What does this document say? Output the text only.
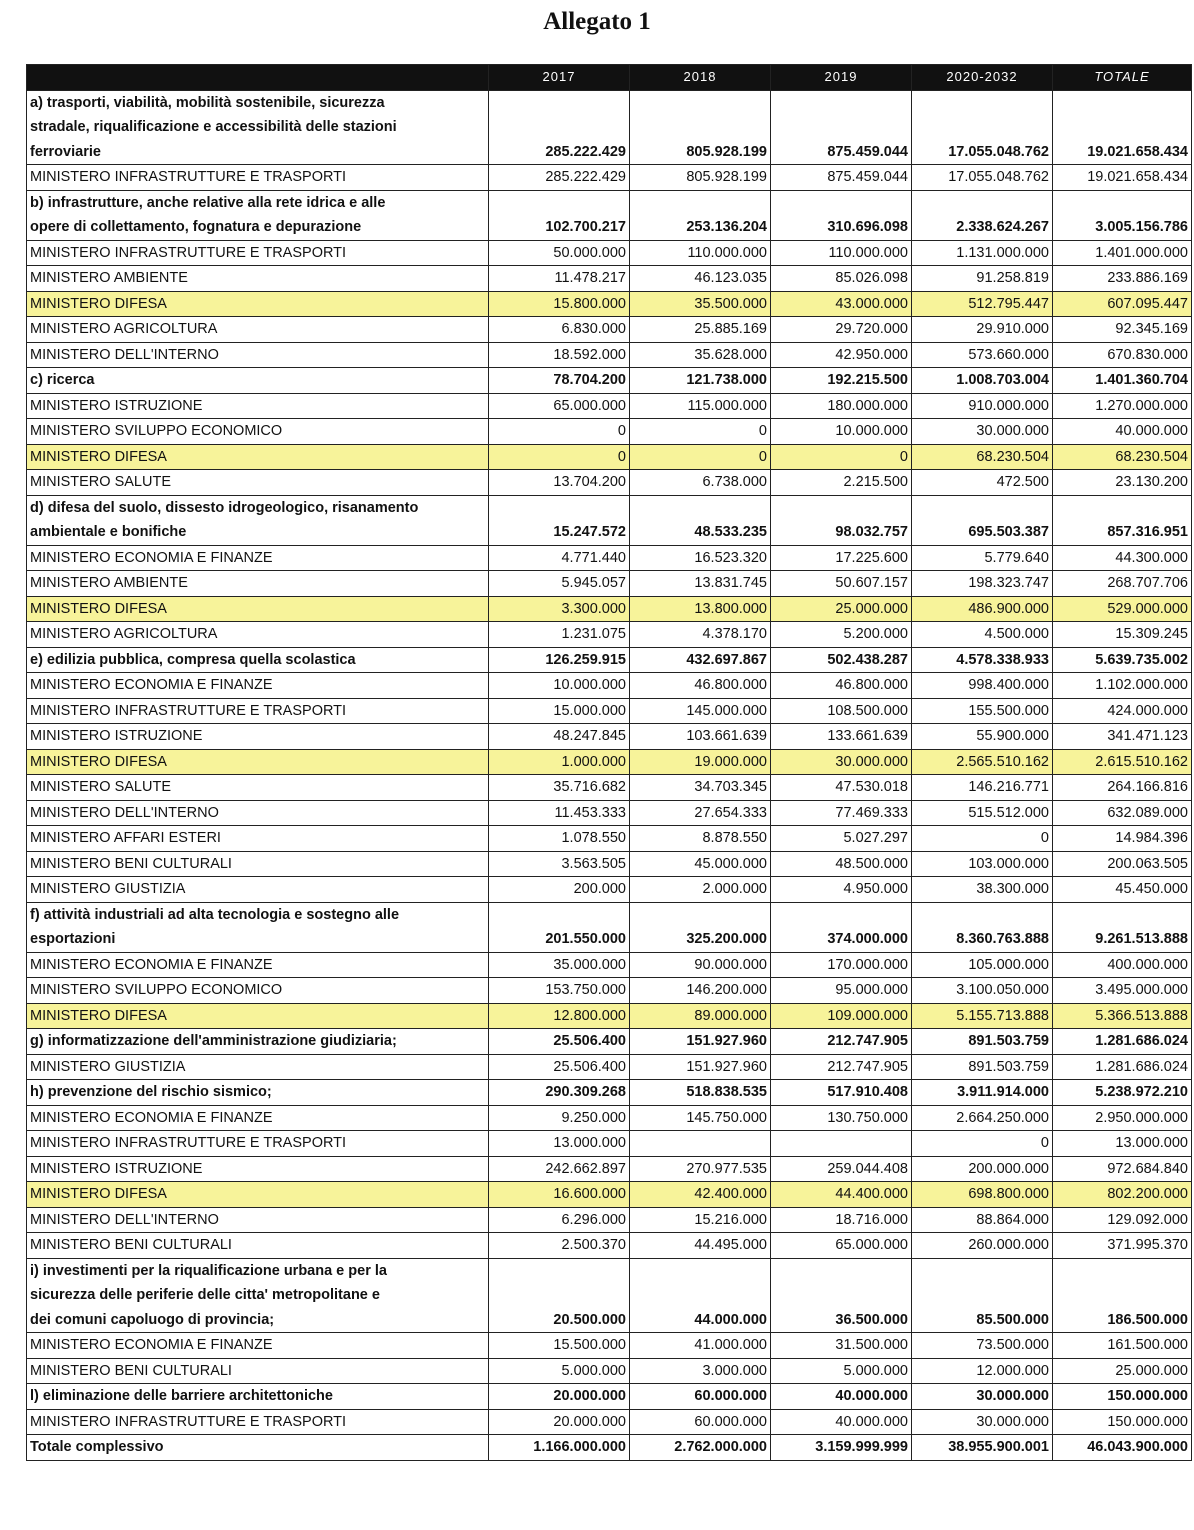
Allegato 1
	2017	2018	2019	2020-2032	TOTALE

a) trasporti, viabilità, mobilità sostenibile, sicurezza
stradale, riqualificazione e accessibilità delle stazioni
ferroviarie	285.222.429	805.928.199	875.459.044	17.055.048.762	19.021.658.434

MINISTERO INFRASTRUTTURE E TRASPORTI	285.222.429	805.928.199	875.459.044	17.055.048.762	19.021.658.434

b) infrastrutture, anche relative alla rete idrica e alle
opere di collettamento, fognatura e depurazione	102.700.217	253.136.204	310.696.098	2.338.624.267	3.005.156.786

MINISTERO INFRASTRUTTURE E TRASPORTI	50.000.000	110.000.000	110.000.000	1.131.000.000	1.401.000.000

MINISTERO AMBIENTE	11.478.217	46.123.035	85.026.098	91.258.819	233.886.169

MINISTERO DIFESA	15.800.000	35.500.000	43.000.000	512.795.447	607.095.447

MINISTERO AGRICOLTURA	6.830.000	25.885.169	29.720.000	29.910.000	92.345.169

MINISTERO DELL'INTERNO	18.592.000	35.628.000	42.950.000	573.660.000	670.830.000

c) ricerca	78.704.200	121.738.000	192.215.500	1.008.703.004	1.401.360.704

MINISTERO ISTRUZIONE	65.000.000	115.000.000	180.000.000	910.000.000	1.270.000.000

MINISTERO SVILUPPO ECONOMICO	0	0	10.000.000	30.000.000	40.000.000

MINISTERO DIFESA	0	0	0	68.230.504	68.230.504

MINISTERO SALUTE	13.704.200	6.738.000	2.215.500	472.500	23.130.200

d) difesa del suolo, dissesto idrogeologico, risanamento
ambientale e bonifiche	15.247.572	48.533.235	98.032.757	695.503.387	857.316.951

MINISTERO ECONOMIA E FINANZE	4.771.440	16.523.320	17.225.600	5.779.640	44.300.000

MINISTERO AMBIENTE	5.945.057	13.831.745	50.607.157	198.323.747	268.707.706

MINISTERO DIFESA	3.300.000	13.800.000	25.000.000	486.900.000	529.000.000

MINISTERO AGRICOLTURA	1.231.075	4.378.170	5.200.000	4.500.000	15.309.245

e) edilizia pubblica, compresa quella scolastica	126.259.915	432.697.867	502.438.287	4.578.338.933	5.639.735.002

MINISTERO ECONOMIA E FINANZE	10.000.000	46.800.000	46.800.000	998.400.000	1.102.000.000

MINISTERO INFRASTRUTTURE E TRASPORTI	15.000.000	145.000.000	108.500.000	155.500.000	424.000.000

MINISTERO ISTRUZIONE	48.247.845	103.661.639	133.661.639	55.900.000	341.471.123

MINISTERO DIFESA	1.000.000	19.000.000	30.000.000	2.565.510.162	2.615.510.162

MINISTERO SALUTE	35.716.682	34.703.345	47.530.018	146.216.771	264.166.816

MINISTERO DELL'INTERNO	11.453.333	27.654.333	77.469.333	515.512.000	632.089.000

MINISTERO AFFARI ESTERI	1.078.550	8.878.550	5.027.297	0	14.984.396

MINISTERO BENI CULTURALI	3.563.505	45.000.000	48.500.000	103.000.000	200.063.505

MINISTERO GIUSTIZIA	200.000	2.000.000	4.950.000	38.300.000	45.450.000

f) attività industriali ad alta tecnologia e sostegno alle
esportazioni	201.550.000	325.200.000	374.000.000	8.360.763.888	9.261.513.888

MINISTERO ECONOMIA E FINANZE	35.000.000	90.000.000	170.000.000	105.000.000	400.000.000

MINISTERO SVILUPPO ECONOMICO	153.750.000	146.200.000	95.000.000	3.100.050.000	3.495.000.000

MINISTERO DIFESA	12.800.000	89.000.000	109.000.000	5.155.713.888	5.366.513.888

g) informatizzazione dell'amministrazione giudiziaria;	25.506.400	151.927.960	212.747.905	891.503.759	1.281.686.024

MINISTERO GIUSTIZIA	25.506.400	151.927.960	212.747.905	891.503.759	1.281.686.024

h) prevenzione del rischio sismico;	290.309.268	518.838.535	517.910.408	3.911.914.000	5.238.972.210

MINISTERO ECONOMIA E FINANZE	9.250.000	145.750.000	130.750.000	2.664.250.000	2.950.000.000

MINISTERO INFRASTRUTTURE E TRASPORTI	13.000.000			0	13.000.000

MINISTERO ISTRUZIONE	242.662.897	270.977.535	259.044.408	200.000.000	972.684.840

MINISTERO DIFESA	16.600.000	42.400.000	44.400.000	698.800.000	802.200.000

MINISTERO DELL'INTERNO	6.296.000	15.216.000	18.716.000	88.864.000	129.092.000

MINISTERO BENI CULTURALI	2.500.370	44.495.000	65.000.000	260.000.000	371.995.370

i) investimenti per la riqualificazione urbana e per la
sicurezza delle periferie delle citta' metropolitane e
dei comuni capoluogo di provincia;	20.500.000	44.000.000	36.500.000	85.500.000	186.500.000

MINISTERO ECONOMIA E FINANZE	15.500.000	41.000.000	31.500.000	73.500.000	161.500.000

MINISTERO BENI CULTURALI	5.000.000	3.000.000	5.000.000	12.000.000	25.000.000

l) eliminazione delle barriere architettoniche	20.000.000	60.000.000	40.000.000	30.000.000	150.000.000

MINISTERO INFRASTRUTTURE E TRASPORTI	20.000.000	60.000.000	40.000.000	30.000.000	150.000.000

Totale complessivo	1.166.000.000	2.762.000.000	3.159.999.999	38.955.900.001	46.043.900.000
